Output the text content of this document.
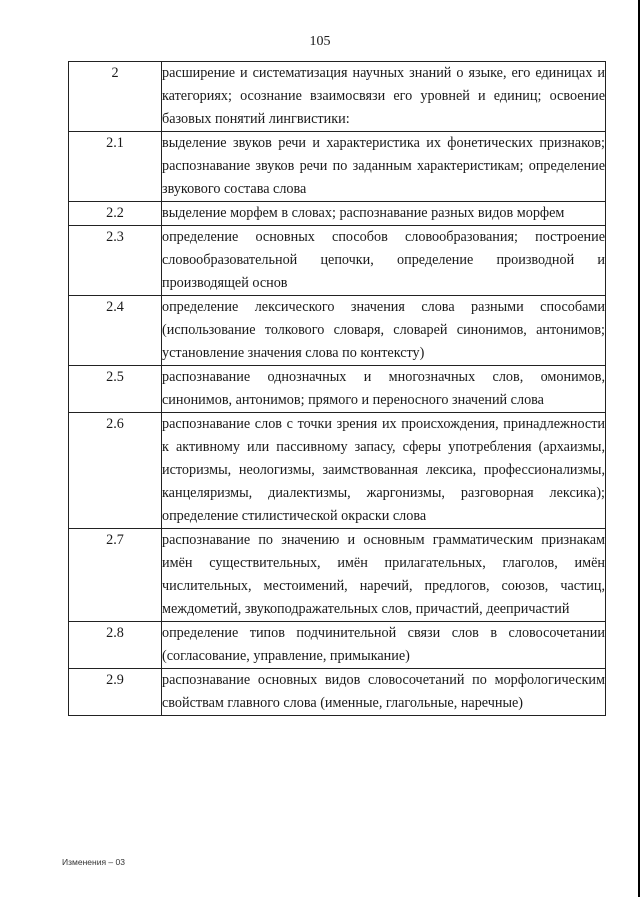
105
2	расширение и систематизация научных знаний о языке, его единицах и категориях; осознание взаимосвязи его уровней и единиц; освоение базовых понятий лингвистики:
2.1	выделение звуков речи и характеристика их фонетических признаков; распознавание звуков речи по заданным характеристикам; определение звукового состава слова
2.2	выделение морфем в словах; распознавание разных видов морфем
2.3	определение основных способов словообразования; построение словообразовательной цепочки, определение производной и производящей основ
2.4	определение лексического значения слова разными способами (использование толкового словаря, словарей синонимов, антонимов; установление значения слова по контексту)
2.5	распознавание однозначных и многозначных слов, омонимов, синонимов, антонимов; прямого и переносного значений слова
2.6	распознавание слов с точки зрения их происхождения, принадлежности к активному или пассивному запасу, сферы употребления (архаизмы, историзмы, неологизмы, заимствованная лексика, профессионализмы, канцеляризмы, диалектизмы, жаргонизмы, разговорная лексика); определение стилистической окраски слова
2.7	распознавание по значению и основным грамматическим признакам имён существительных, имён прилагательных, глаголов, имён числительных, местоимений, наречий, предлогов, союзов, частиц, междометий, звукоподражательных слов, причастий, деепричастий
2.8	определение типов подчинительной связи слов в словосочетании (согласование, управление, примыкание)
2.9	распознавание основных видов словосочетаний по морфологическим свойствам главного слова (именные, глагольные, наречные)
Изменения – 03
